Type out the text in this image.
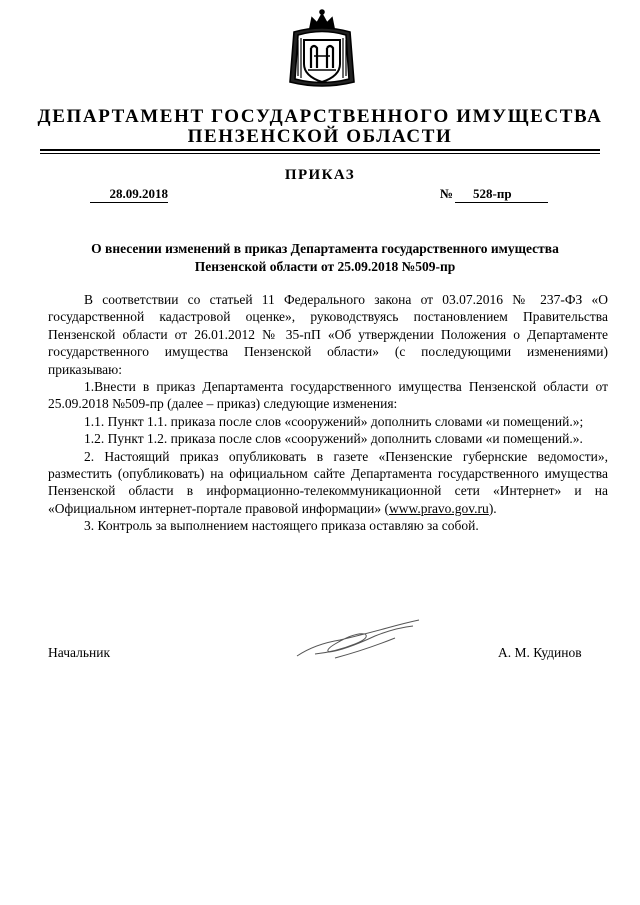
ДЕПАРТАМЕНТ ГОСУДАРСТВЕННОГО ИМУЩЕСТВА
ПЕНЗЕНСКОЙ ОБЛАСТИ
ПРИКАЗ
28.09.2018	№	528-пр
О внесении изменений в приказ Департамента государственного имущества
Пензенской области от 25.09.2018 №509-пр

В соответствии со статьей 11 Федерального закона от 03.07.2016 № 237-ФЗ «О государственной кадастровой оценке», руководствуясь постановлением Правительства Пензенской области от 26.01.2012 № 35-пП «Об утверждении Положения о Департаменте государственного имущества Пензенской области» (с последующими изменениями) приказываю:

1.Внести в приказ Департамента государственного имущества Пензенской области от 25.09.2018 №509-пр (далее – приказ) следующие изменения:

1.1. Пункт 1.1. приказа после слов «сооружений» дополнить словами «и помещений.»;

1.2. Пункт 1.2. приказа после слов «сооружений» дополнить словами «и помещений.».

2. Настоящий приказ опубликовать в газете «Пензенские губернские ведомости», разместить (опубликовать) на официальном сайте Департамента государственного имущества Пензенской области в информационно-телекоммуникационной сети «Интернет» и на «Официальном интернет-портале правовой информации» (www.pravo.gov.ru).

3. Контроль за выполнением настоящего приказа оставляю за собой.

Начальник	А. М. Кудинов
